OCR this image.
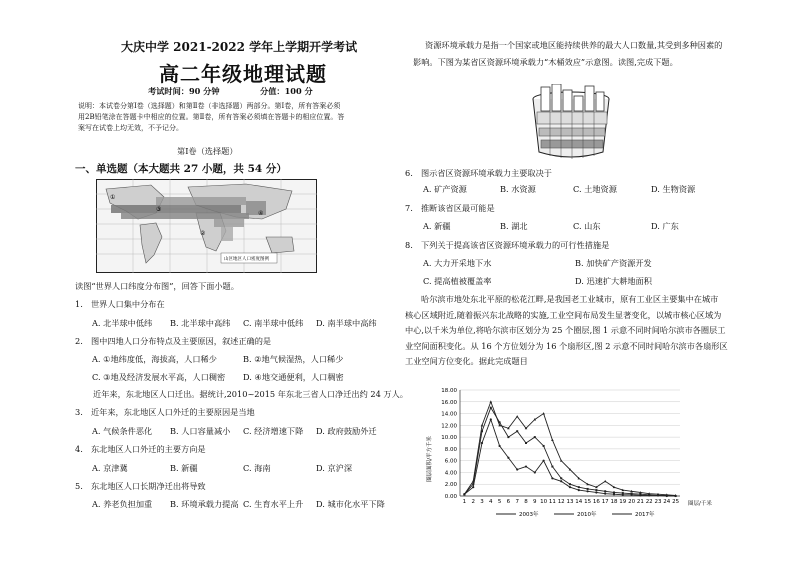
大庆中学 2021-2022 学年上学期开学考试
高二年级地理试题
考试时间：90 分钟	分值：100 分
说明：本试卷分第Ⅰ卷（选择题）和第Ⅱ卷（非选择题）两部分。第Ⅰ卷，所有答案必须
用2B铅笔涂在答题卡中相应的位置。第Ⅱ卷，所有答案必须填在答题卡的相应位置。答
案写在试卷上均无效，不予记分。
第Ⅰ卷（选择题）
一、单选题（本大题共 27 小题，共 54 分）
①
②
③
④
山区地区人口密度图例
读图“世界人口纬度分布图”，回答下面小题。
1.　世界人口集中分布在
A. 北半球中低纬 B. 北半球中高纬 C. 南半球中低纬 D. 南半球中高纬
2.　图中四地人口分布特点及主要原因，叙述正确的是
A. ①地纬度低，海拔高，人口稀少	B. ②地气候湿热，人口稀少
C. ③地及经济发展水平高，人口稠密 D. ④地交通便利，人口稠密
近年来，东北地区人口迁出。据统计,2010~2015 年东北三省人口净迁出约 24 万人。
3.　近年来，东北地区人口外迁的主要原因是当地
A. 气候条件恶化 B. 人口容量减小 C. 经济增速下降 D. 政府鼓励外迁
4.　东北地区人口外迁的主要方向是
A. 京津冀	B. 新疆	C. 海南	D. 京沪深
5.　东北地区人口长期净迁出将导致
A. 养老负担加重 B. 环境承载力提高 C. 生育水平上升 D. 城市化水平下降
资源环境承载力是指一个国家或地区能持续供养的最大人口数量,其受到多种因素的
影响。下图为某省区资源环境承载力“木桶效应”示意图。读图,完成下题。
6.　图示省区资源环境承载力主要取决于
A. 矿产资源	B. 水资源	C. 土地资源	D. 生物资源
7.　推断该省区最可能是
A. 新疆	B. 湖北	C. 山东	D. 广东
8.　下列关于提高该省区资源环境承载力的可行性措施是
A. 大力开采地下水	B. 加快矿产资源开发
C. 提高植被覆盖率	D. 迅速扩大耕地面积
哈尔滨市地处东北平原的松花江畔,是我国老工业城市，原有工业区主要集中在城市
核心区域附近,随着振兴东北战略的实施,工业空间布局发生显著变化，以城市核心区域为
中心,以千米为单位,将哈尔滨市区划分为 25 个圈层,图 1 示意不同时间哈尔滨市各圈层工
业空间面积变化。从 16 个方位划分为 16 个扇形区,图 2 示意不同时间哈尔滨市各扇形区
工业空间方位变化。据此完成题目
0.00
2.00
4.00
6.00
8.00
10.00
12.00
14.00
16.00
18.00
1 2 3 4 5 6 7 8 9 10 11 12 13 14 15 16 17 18 19 20 21 22 23 24 25
2003年	2010年	2017年
圈层面积/平方千米
圈层/千米
